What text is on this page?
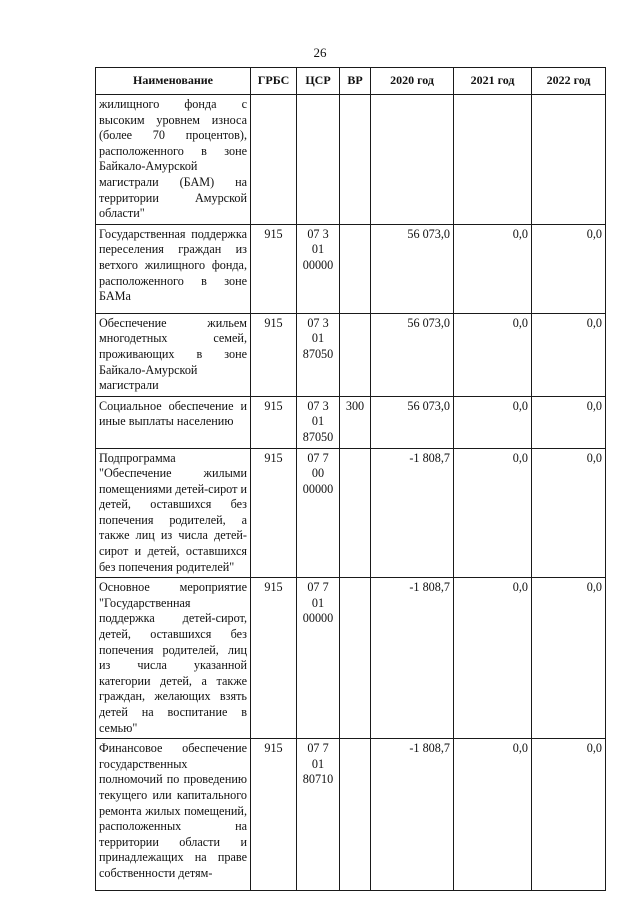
26
Наименование	ГРБС	ЦСР	ВР	2020 год	2021 год	2022 год
жилищного фонда с высоким уровнем износа (более 70 процентов), расположенного в зоне Байкало-Амурской магистрали (БАМ) на территории Амурской области"						
Государственная поддержка переселения граждан из ветхого жилищного фонда, расположенного в зоне БАМа	915	07 3 01 00000		56 073,0	0,0	0,0
Обеспечение жильем многодетных семей, проживающих в зоне Байкало-Амурской магистрали	915	07 3 01 87050		56 073,0	0,0	0,0
Социальное обеспечение и иные выплаты населению	915	07 3 01 87050	300	56 073,0	0,0	0,0
Подпрограмма "Обеспечение жилыми помещениями детей-сирот и детей, оставшихся без попечения родителей, а также лиц из числа детей-сирот и детей, оставшихся без попечения родителей"	915	07 7 00 00000		-1 808,7	0,0	0,0
Основное мероприятие "Государственная поддержка детей-сирот, детей, оставшихся без попечения родителей, лиц из числа указанной категории детей, а также граждан, желающих взять детей на воспитание в семью"	915	07 7 01 00000		-1 808,7	0,0	0,0
Финансовое обеспечение государственных полномочий по проведению текущего или капитального ремонта жилых помещений, расположенных на территории области и принадлежащих на праве собственности детям-	915	07 7 01 80710		-1 808,7	0,0	0,0
